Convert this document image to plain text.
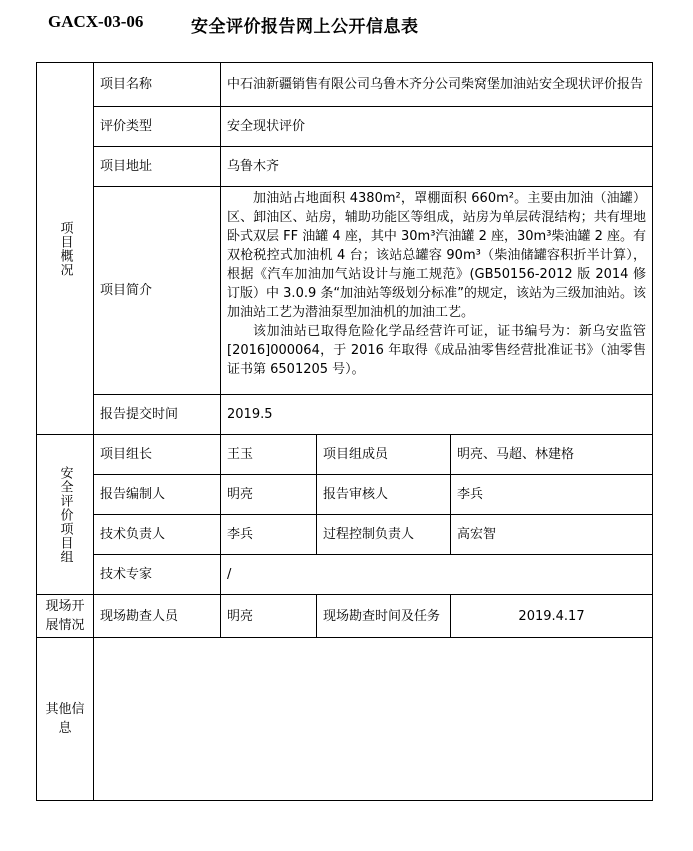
GACX-03-06	安全评价报告网上公开信息表
项目概况	项目名称	中石油新疆销售有限公司乌鲁木齐分公司柴窝堡加油站安全现状评价报告		
	评价类型	安全现状评价		
	项目地址	乌鲁木齐		
	项目简介	加油站占地面积 4380m²，罩棚面积 660m²。主要由加油（油罐）区、卸油区、站房，辅助功能区等组成，站房为单层砖混结构；共有埋地卧式双层 FF 油罐 4 座，其中 30m³汽油罐 2 座，30m³柴油罐 2 座。有双枪税控式加油机 4 台；该站总罐容 90m³（柴油储罐容积折半计算），根据《汽车加油加气站设计与施工规范》(GB50156-2012 版 2014 修订版）中 3.0.9 条“加油站等级划分标准”的规定，该站为三级加油站。该加油站工艺为潜油泵型加油机的加油工艺。

该加油站已取得危险化学品经营许可证，证书编号为：新乌安监管[2016]000064，于 2016 年取得《成品油零售经营批准证书》（油零售证书第 6501205 号）。		

	报告提交时间	2019.5		

安全评价项目组	项目组长	王玉	项目组成员	明亮、马超、林建格
	报告编制人	明亮	报告审核人	李兵
	技术负责人	李兵	过程控制负责人	高宏智
	技术专家	/		
现场开展情况	现场勘查人员	明亮	现场勘查时间及任务	2019.4.17
其他信息				
